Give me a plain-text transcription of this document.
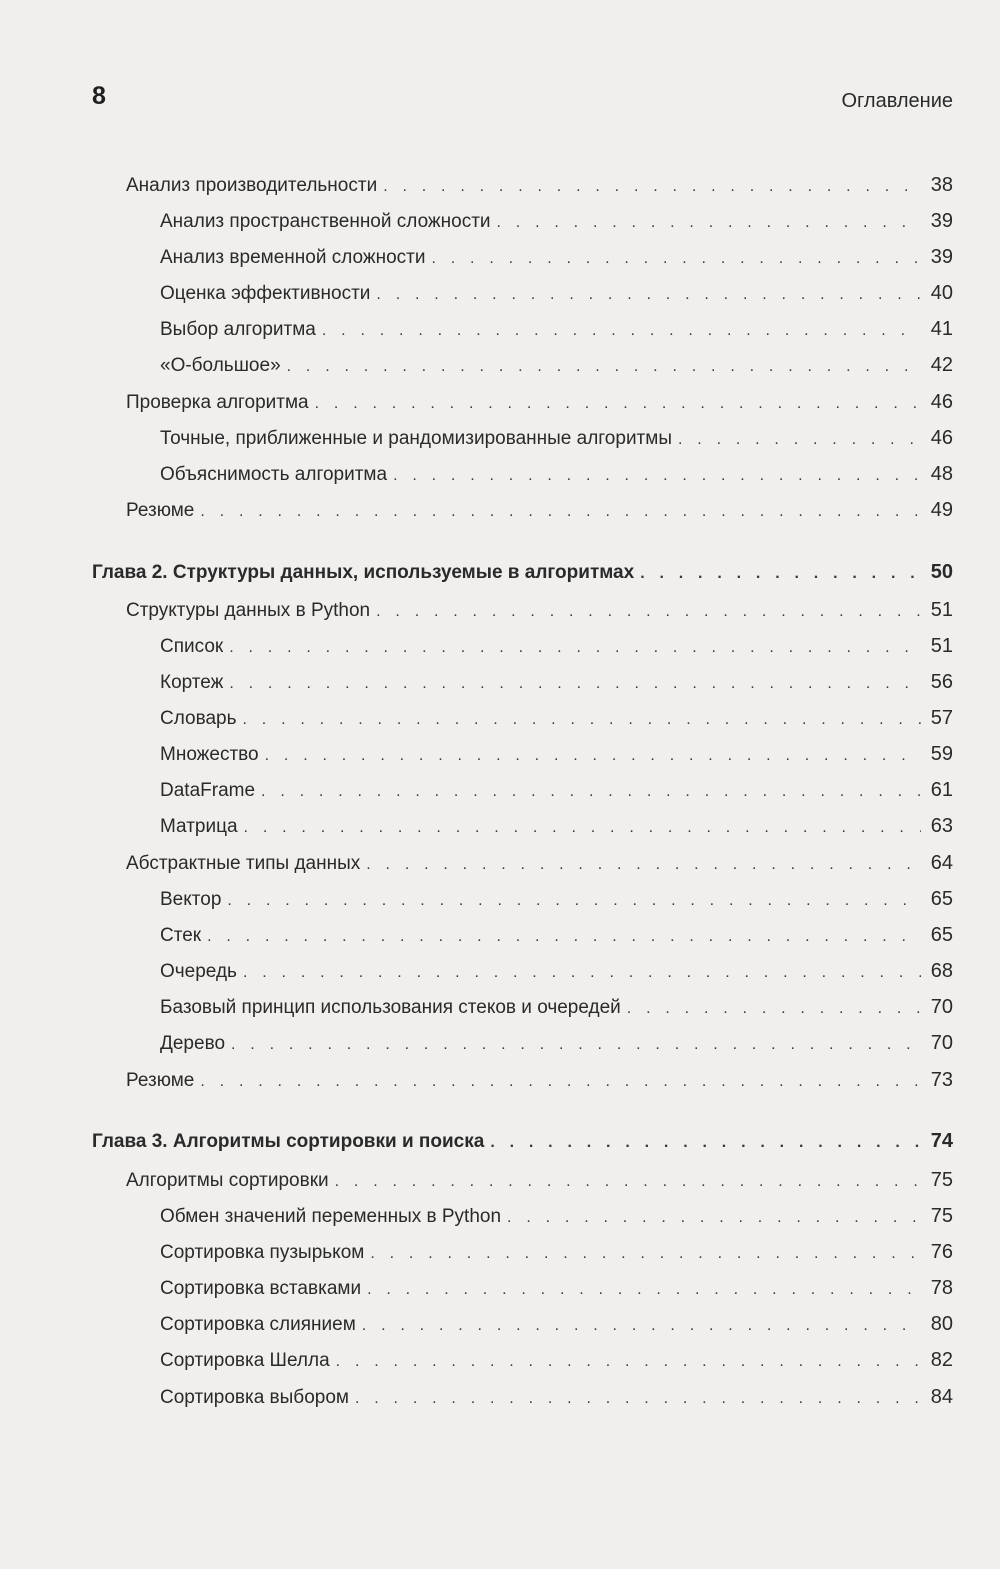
8	Оглавление
Анализ производительности . . .	38
Анализ пространственной сложности . . .	39
Анализ временной сложности . . .	39
Оценка эффективности . . .	40
Выбор алгоритма . . .	41
«О-большое» . . .	42
Проверка алгоритма . . .	46
Точные, приближенные и рандомизированные алгоритмы . . .	46
Объяснимость алгоритма . . .	48
Резюме . . .	49
Глава 2. Структуры данных, используемые в алгоритмах . . .	50
Структуры данных в Python . . .	51
Список . . .	51
Кортеж . . .	56
Словарь . . .	57
Множество . . .	59
DataFrame . . .	61
Матрица . . .	63
Абстрактные типы данных . . .	64
Вектор . . .	65
Стек . . .	65
Очередь . . .	68
Базовый принцип использования стеков и очередей . . .	70
Дерево . . .	70
Резюме . . .	73
Глава 3. Алгоритмы сортировки и поиска . . .	74
Алгоритмы сортировки . . .	75
Обмен значений переменных в Python . . .	75
Сортировка пузырьком . . .	76
Сортировка вставками . . .	78
Сортировка слиянием . . .	80
Сортировка Шелла . . .	82
Сортировка выбором . . .	84
